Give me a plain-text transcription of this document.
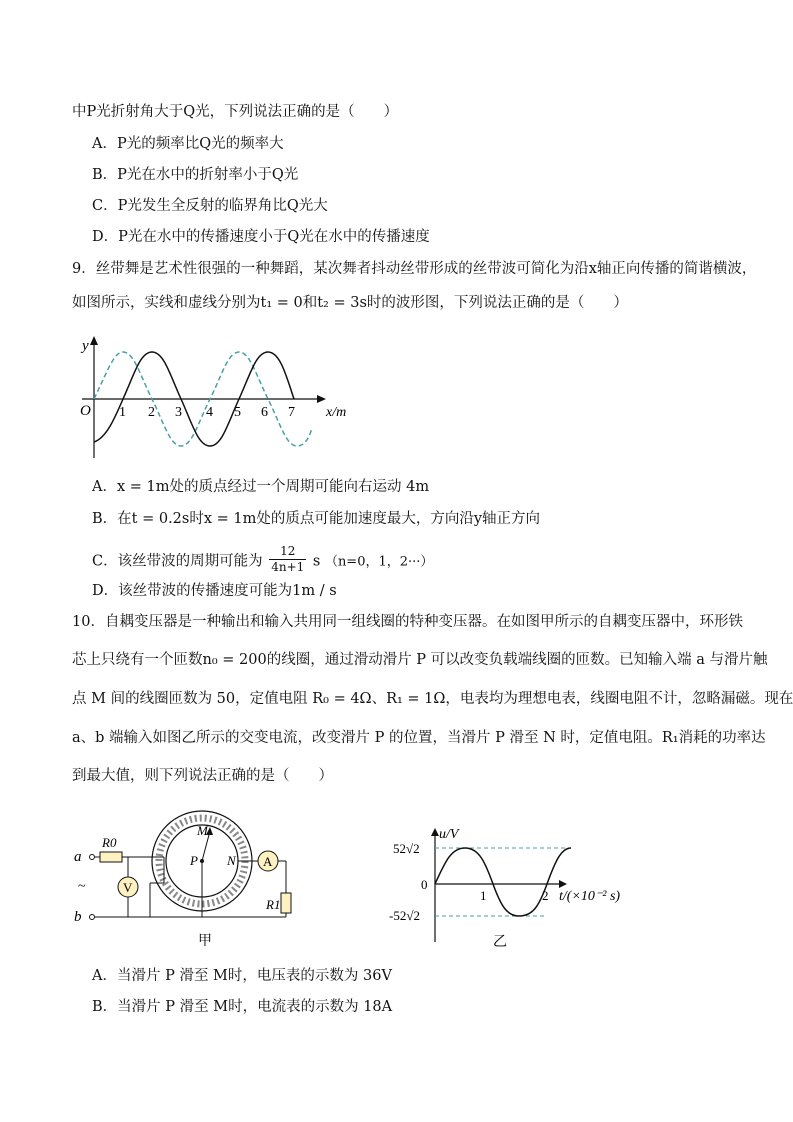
中P光折射角大于Q光，下列说法正确的是（　　）
A．P光的频率比Q光的频率大
B．P光在水中的折射率小于Q光
C．P光发生全反射的临界角比Q光大
D．P光在水中的传播速度小于Q光在水中的传播速度
9．丝带舞是艺术性很强的一种舞蹈，某次舞者抖动丝带形成的丝带波可简化为沿x轴正向传播的简谐横波，
如图所示，实线和虚线分别为t₁ = 0和t₂ = 3s时的波形图，下列说法正确的是（　　）
y
x/m
O 1 2 3 4 5 6 7
A．x = 1m处的质点经过一个周期可能向右运动 4m
B．在t = 0.2s时x = 1m处的质点可能加速度最大，方向沿y轴正方向
C．该丝带波的周期可能为 $\frac{12}{4n+1}$ s （n=0，1，2···）
D．该丝带波的传播速度可能为1m / s
10．自耦变压器是一种输出和输入共用同一组线圈的特种变压器。在如图甲所示的自耦变压器中，环形铁
芯上只绕有一个匝数n₀ = 200的线圈，通过滑动滑片 P 可以改变负载端线圈的匝数。已知输入端 a 与滑片触
点 M 间的线圈匝数为 50，定值电阻 R₀ = 4Ω、R₁ = 1Ω，电表均为理想电表，线圈电阻不计，忽略漏磁。现在
a、b 端输入如图乙所示的交变电流，改变滑片 P 的位置，当滑片 P 滑至 N 时，定值电阻。R₁消耗的功率达
到最大值，则下列说法正确的是（　　）
a
~
b
R0
V
M
P N A
R1
甲
u/V
t/(×10⁻² s)
52√2
-52√2
0
1	2
乙
A．当滑片 P 滑至 M时，电压表的示数为 36V
B．当滑片 P 滑至 M时，电流表的示数为 18A
